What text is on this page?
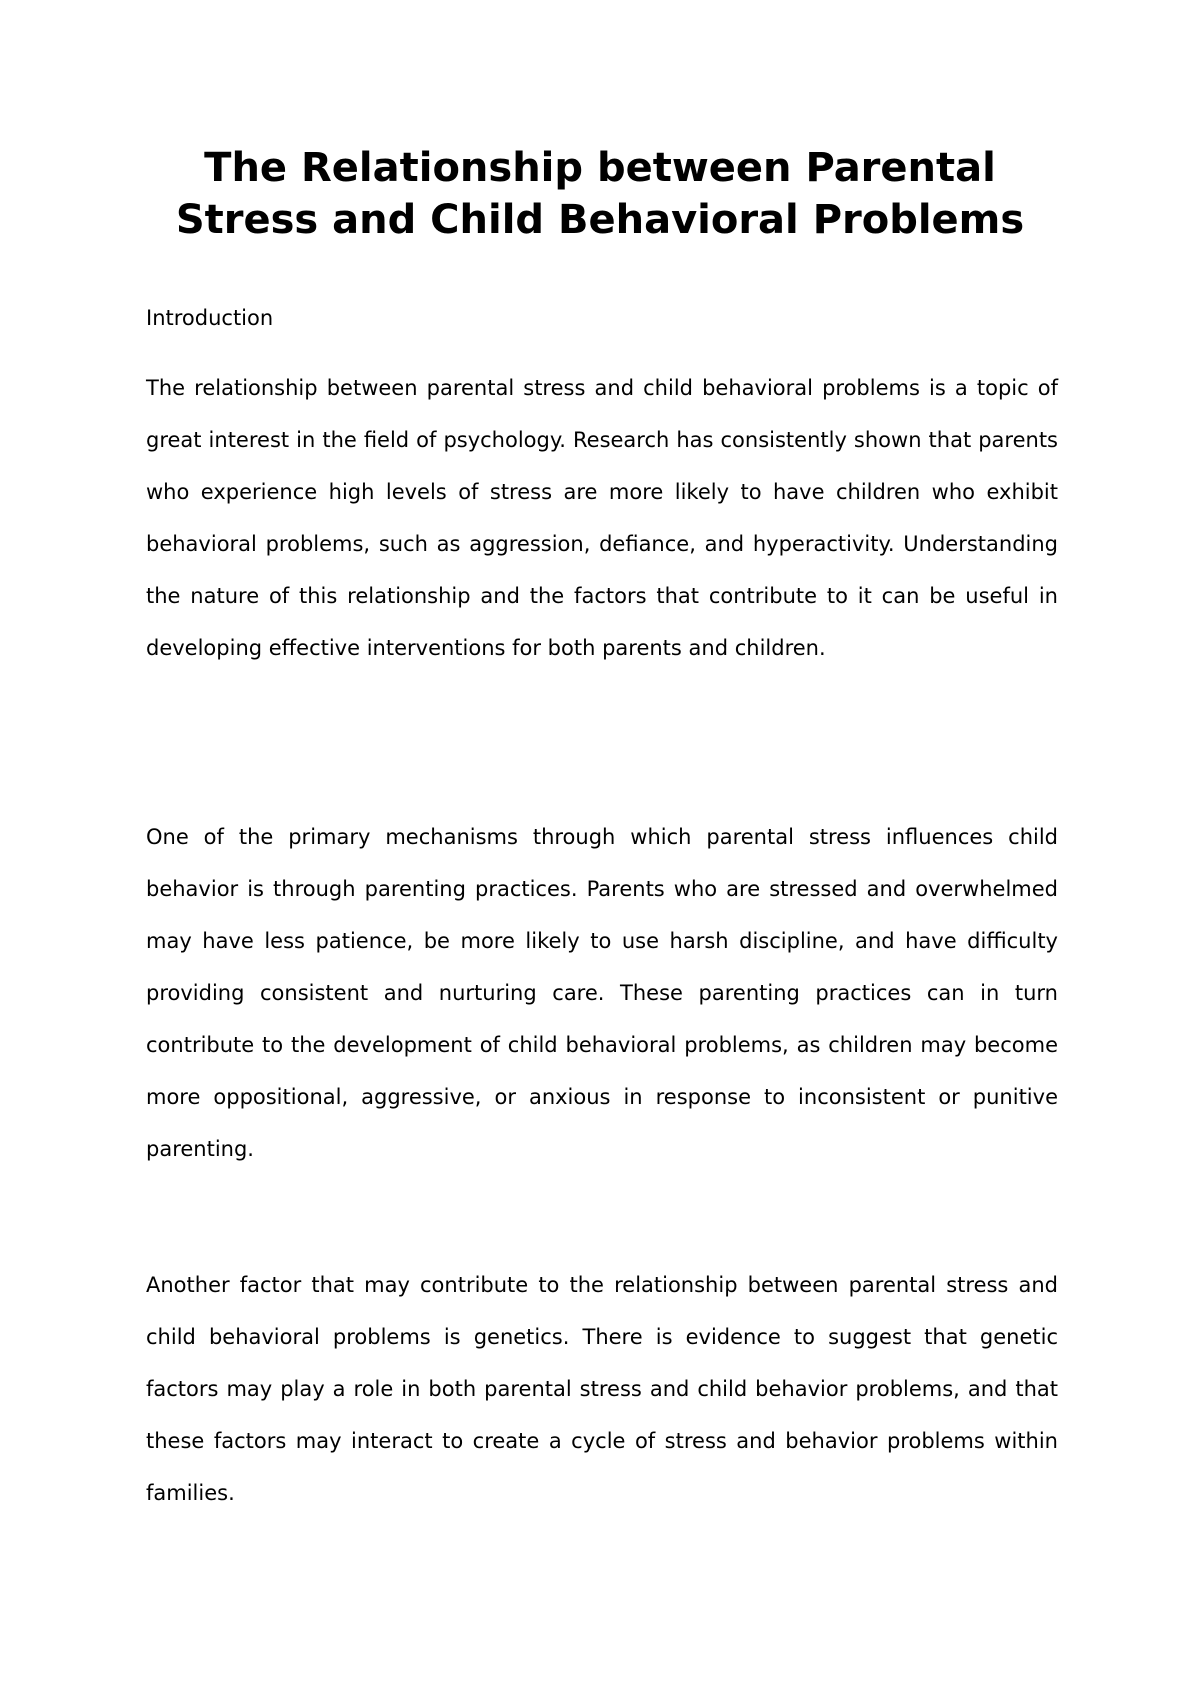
The Relationship between Parental Stress and Child Behavioral Problems

Introduction

The relationship between parental stress and child behavioral problems is a topic of great interest in the field of psychology. Research has consistently shown that parents who experience high levels of stress are more likely to have children who exhibit behavioral problems, such as aggression, defiance, and hyperactivity. Understanding the nature of this relationship and the factors that contribute to it can be useful in developing effective interventions for both parents and children.

One of the primary mechanisms through which parental stress influences child behavior is through parenting practices. Parents who are stressed and overwhelmed may have less patience, be more likely to use harsh discipline, and have difficulty providing consistent and nurturing care. These parenting practices can in turn contribute to the development of child behavioral problems, as children may become more oppositional, aggressive, or anxious in response to inconsistent or punitive parenting.

Another factor that may contribute to the relationship between parental stress and child behavioral problems is genetics. There is evidence to suggest that genetic factors may play a role in both parental stress and child behavior problems, and that these factors may interact to create a cycle of stress and behavior problems within families.
